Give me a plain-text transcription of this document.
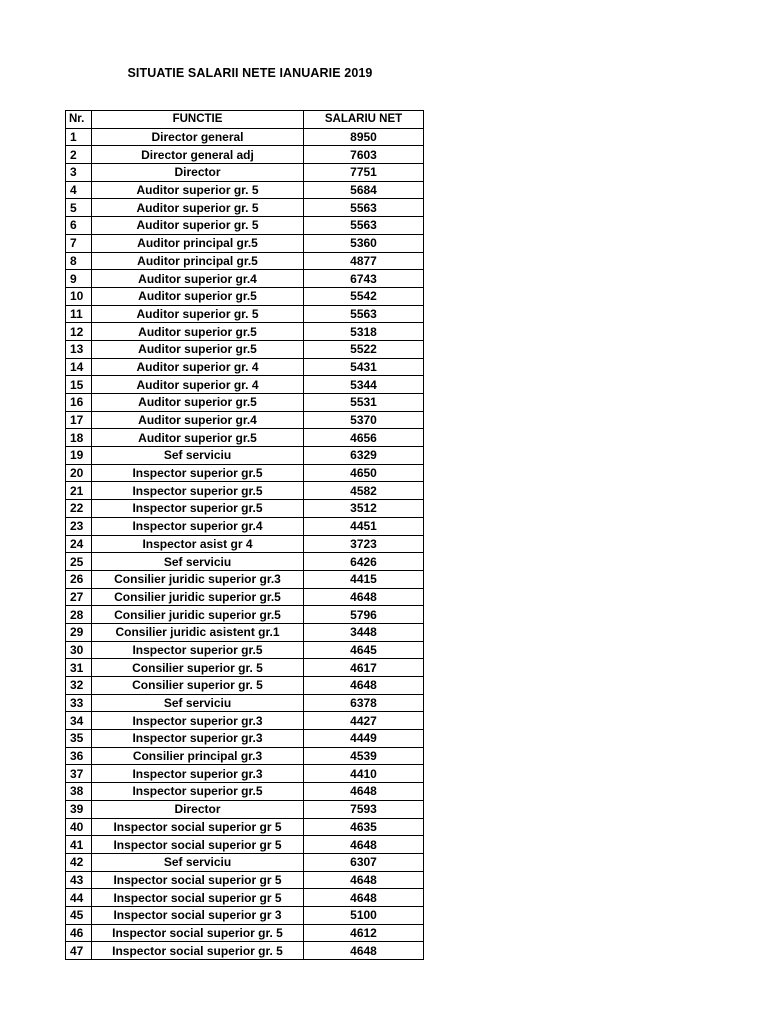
SITUATIE SALARII NETE IANUARIE 2019
Nr.	FUNCTIE	SALARIU NET
1	Director general	8950
2	Director general adj	7603
3	Director	7751
4	Auditor superior gr. 5	5684
5	Auditor superior gr. 5	5563
6	Auditor superior gr. 5	5563
7	Auditor principal gr.5	5360
8	Auditor principal gr.5	4877
9	Auditor superior gr.4	6743
10	Auditor superior gr.5	5542
11	Auditor superior gr. 5	5563
12	Auditor superior gr.5	5318
13	Auditor superior gr.5	5522
14	Auditor superior gr. 4	5431
15	Auditor superior gr. 4	5344
16	Auditor superior gr.5	5531
17	Auditor superior gr.4	5370
18	Auditor superior gr.5	4656
19	Sef serviciu	6329
20	Inspector superior gr.5	4650
21	Inspector superior gr.5	4582
22	Inspector superior gr.5	3512
23	Inspector superior gr.4	4451
24	Inspector asist gr 4	3723
25	Sef serviciu	6426
26	Consilier juridic superior gr.3	4415
27	Consilier juridic superior gr.5	4648
28	Consilier juridic superior gr.5	5796
29	Consilier juridic asistent gr.1	3448
30	Inspector superior gr.5	4645
31	Consilier superior gr. 5	4617
32	Consilier superior gr. 5	4648
33	Sef serviciu	6378
34	Inspector superior gr.3	4427
35	Inspector superior gr.3	4449
36	Consilier principal gr.3	4539
37	Inspector superior gr.3	4410
38	Inspector superior gr.5	4648
39	Director	7593
40	Inspector social superior gr 5	4635
41	Inspector social superior gr 5	4648
42	Sef serviciu	6307
43	Inspector social superior gr 5	4648
44	Inspector social superior gr 5	4648
45	Inspector social superior gr 3	5100
46	Inspector social superior gr. 5	4612
47	Inspector social superior gr. 5	4648
